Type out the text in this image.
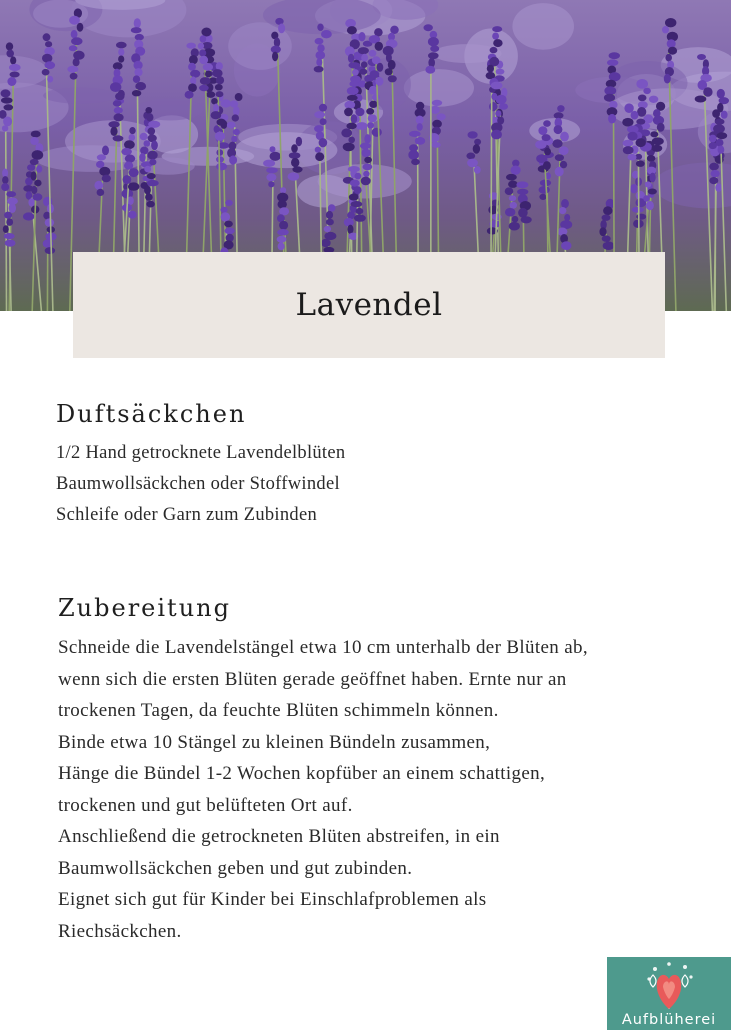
Lavendel
Duftsäckchen
1/2 Hand getrocknete Lavendelblüten
Baumwollsäckchen oder Stoffwindel
Schleife oder Garn zum Zubinden
Zubereitung

Schneide die Lavendelstängel etwa 10 cm unterhalb der Blüten ab,

wenn sich die ersten Blüten gerade geöffnet haben. Ernte nur an

trockenen Tagen, da feuchte Blüten schimmeln können.

Binde etwa 10 Stängel zu kleinen Bündeln zusammen,

Hänge die Bündel 1-2 Wochen kopfüber an einem schattigen,

trockenen und gut belüfteten Ort auf.

Anschließend die getrockneten Blüten abstreifen, in ein

Baumwollsäckchen geben und gut zubinden.

Eignet sich gut für Kinder bei Einschlafproblemen als

Riechsäckchen.

Aufblüherei
